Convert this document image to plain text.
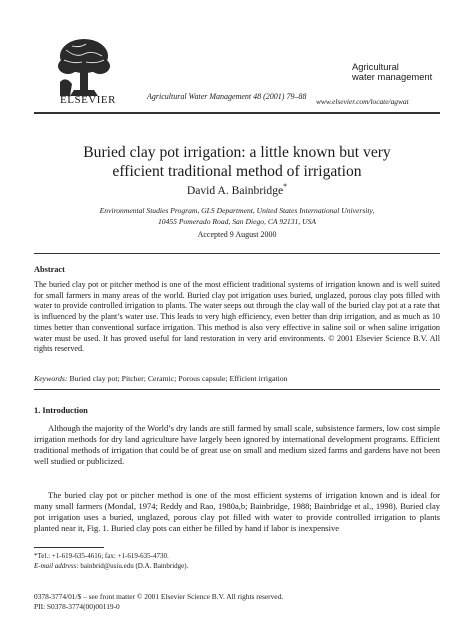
ELSEVIER	Agricultural Water Management 48 (2001) 79–88
Agricultural
water management
www.elsevier.com/locate/agwat
Buried clay pot irrigation: a little known but very
efficient traditional method of irrigation
David A. Bainbridge*
Environmental Studies Program, GLS Department, United States International University,
10455 Pomerado Road, San Diego, CA 92131, USA
Accepted 9 August 2000
Abstract
The buried clay pot or pitcher method is one of the most efficient traditional systems of irrigation known and is well suited for small farmers in many areas of the world. Buried clay pot irrigation uses buried, unglazed, porous clay pots filled with water to provide controlled irrigation to plants. The water seeps out through the clay wall of the buried clay pot at a rate that is influenced by the plant’s water use. This leads to very high efficiency, even better than drip irrigation, and as much as 10 times better than conventional surface irrigation. This method is also very effective in saline soil or when saline irrigation water must be used. It has proved useful for land restoration in very arid environments. © 2001 Elsevier Science B.V. All rights reserved.
Keywords: Buried clay pot; Pitcher; Ceramic; Porous capsule; Efficient irrigation
1. Introduction
Although the majority of the World’s dry lands are still farmed by small scale, subsistence farmers, low cost simple irrigation methods for dry land agriculture have largely been ignored by international development programs. Efficient traditional methods of irrigation that could be of great use on small and medium sized farms and gardens have not been well studied or publicized.
The buried clay pot or pitcher method is one of the most efficient systems of irrigation known and is ideal for many small farmers (Mondal, 1974; Reddy and Rao, 1980a,b; Bainbridge, 1988; Bainbridge et al., 1998). Buried clay pot irrigation uses a buried, unglazed, porous clay pot filled with water to provide controlled irrigation to plants planted near it, Fig. 1. Buried clay pots can either be filled by hand if labor is inexpensive
*Tel.: +1-619-635-4616; fax: +1-619-635-4730.
E-mail address: bainbrid@usiu.edu (D.A. Bainbridge).
0378-3774/01/$ – see front matter © 2001 Elsevier Science B.V. All rights reserved.
PII: S0378-3774(00)00119-0
